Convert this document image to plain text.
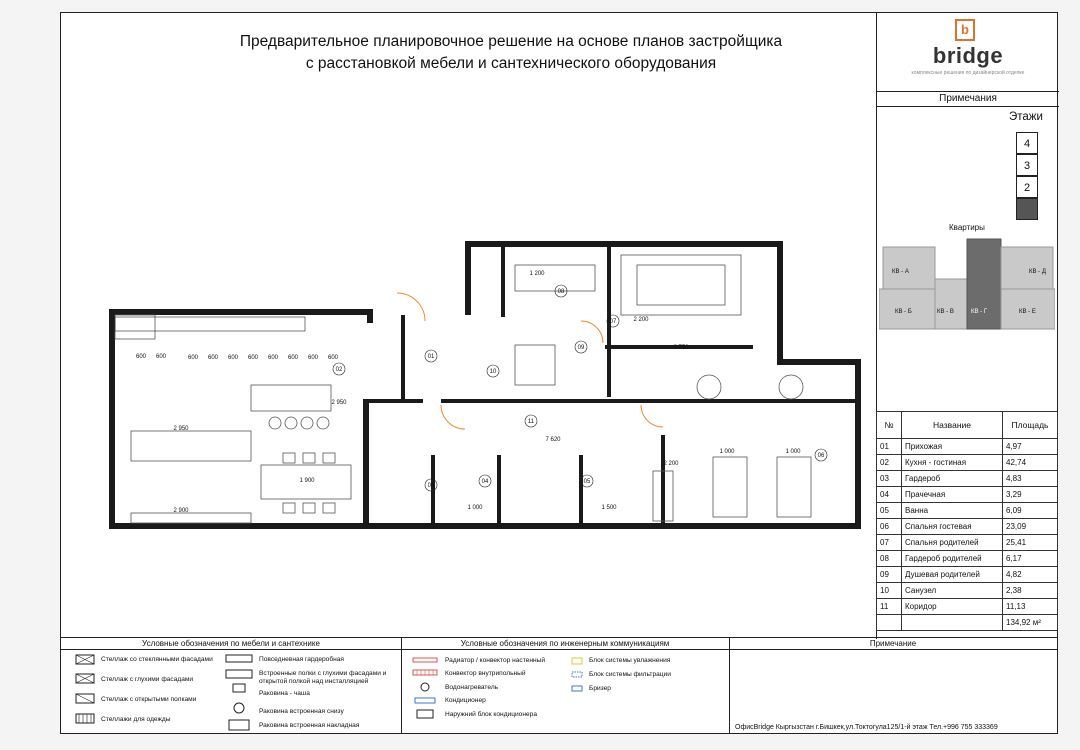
Предварительное планировочное решение на основе планов застройщика
с расстановкой мебели и сантехнического оборудования
b
bridge
комплексные решения по дизайнерской отделке
Примечания
Этажи
4
3
2
1
Квартиры
КВ - А	КВ - Д
КВ - Б	КВ - В	КВ - Г	КВ - Е
№	Название	Площадь
01	Прихожая	4,97
02	Кухня - гостиная	42,74
03	Гардероб	4,83
04	Прачечная	3,29
05	Ванна	6,09
06	Спальня гостевая	23,09
07	Спальня родителей	25,41
08	Гардероб родителей	6,17
09	Душевая родителей	4,82
10	Санузел	2,38
11	Коридор	11,13
		134,92 м²
01
02
03
04	05
06
07
08
09
10
11
2 950
2 900
1 900
2 950
1 000
2 200
3 750
7 620
1 000	1 000
2 200
1 200
1 500
600 600	600 600 600 600 600 600 600 600
Условные обозначения по мебели и сантехнике
Стеллаж со стеклянными фасадами
Стеллаж с глухими фасадами
Стеллаж с открытыми полками
Стеллажи для одежды
Повседневная гардеробная
Встроенные полки с глухими фасадами и открытой полкой над инсталляцией
Раковина - чаша
Раковина встроенная снизу
Раковина встроенная накладная
Условные обозначения по инженерным коммуникациям
Радиатор / конвектор настенный
Конвектор внутрипольный
Водонагреватель
Кондиционер
Наружний блок кондиционера
Блок системы увлажнения
Блок системы фильтрации
Бризер
Примечание
ОфисBridge Кыргызстан г.Бишкек,ул.Токтогула125/1-й этаж Тел.+996 755 333369
